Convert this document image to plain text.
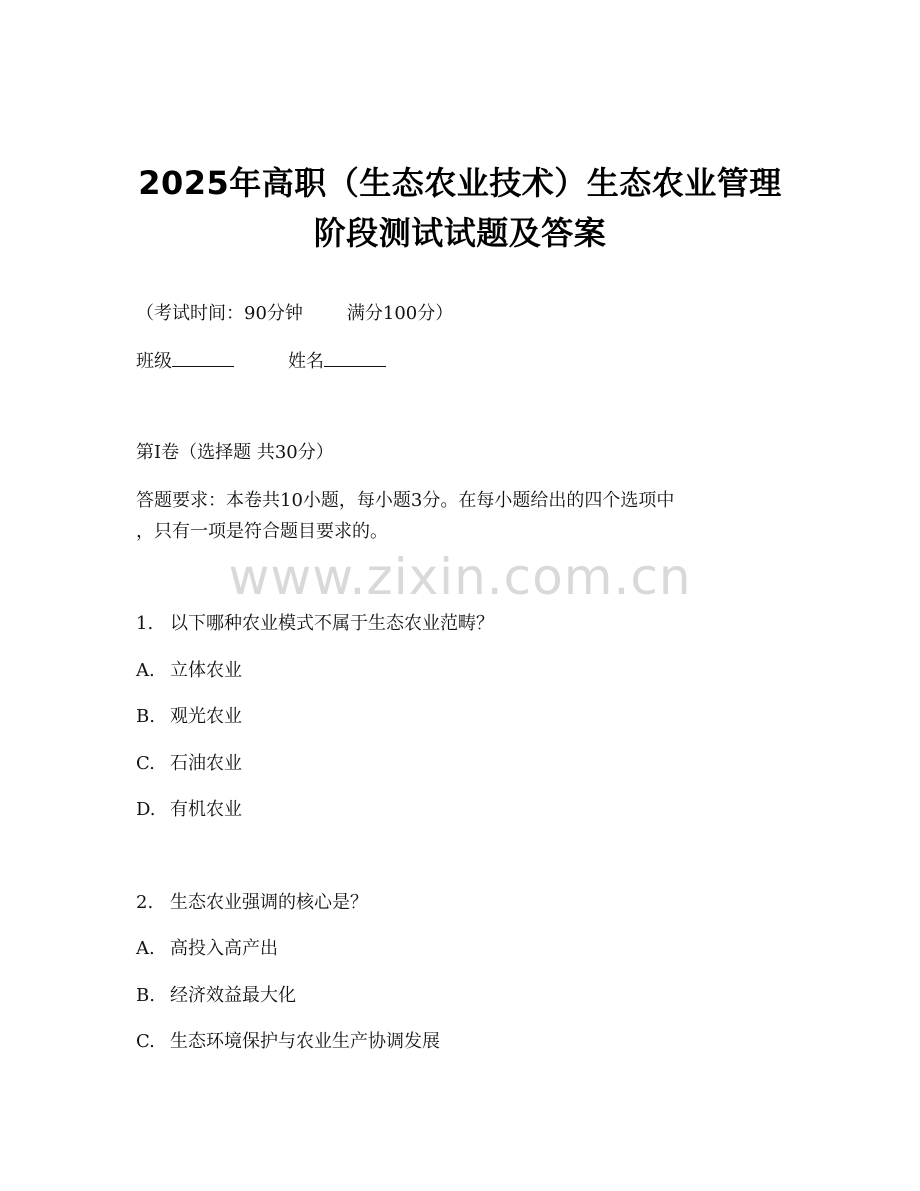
2025年高职（生态农业技术）生态农业管理
阶段测试试题及答案
（考试时间：90分钟 满分100分）
班级	姓名
第Ⅰ卷（选择题 共30分）
答题要求：本卷共10小题，每小题3分。在每小题给出的四个选项中
，只有一项是符合题目要求的。
www.zixin.com.cn
1. 以下哪种农业模式不属于生态农业范畴？
A. 立体农业
B. 观光农业
C. 石油农业
D. 有机农业
2. 生态农业强调的核心是？
A. 高投入高产出
B. 经济效益最大化
C. 生态环境保护与农业生产协调发展
